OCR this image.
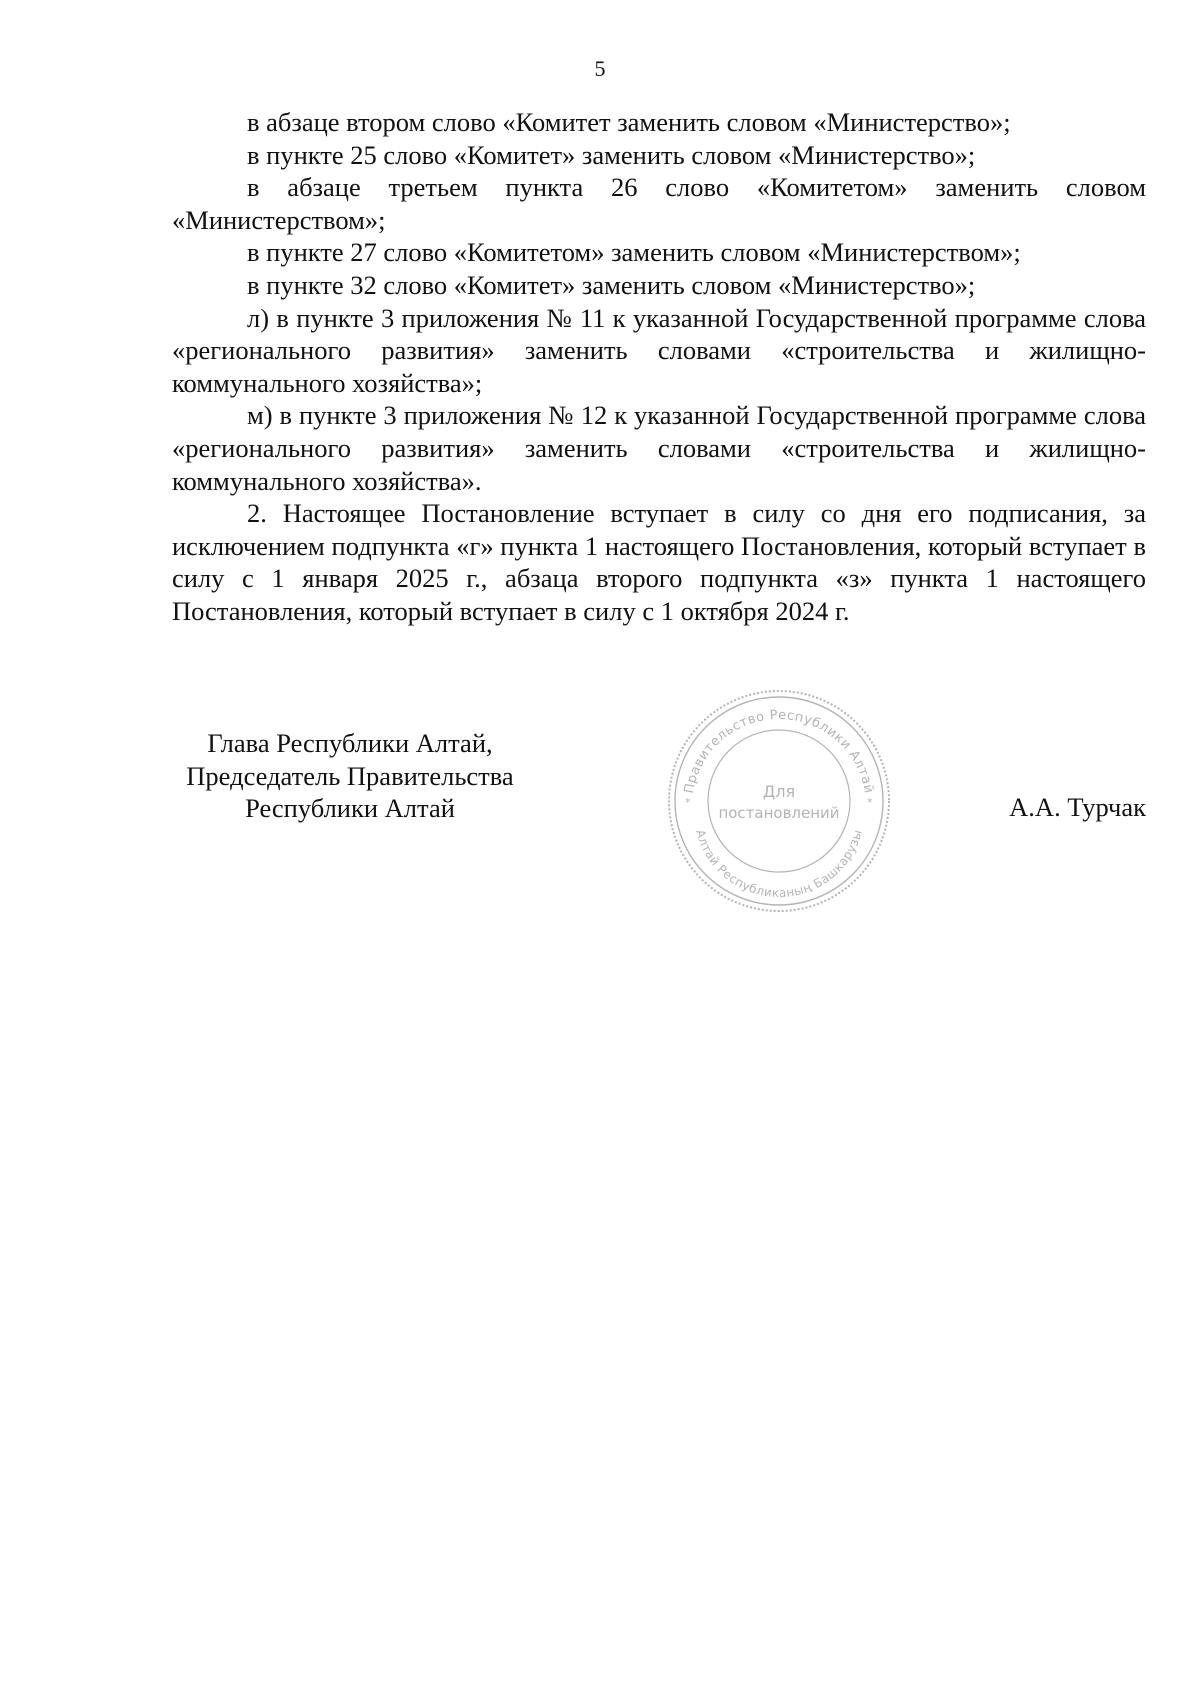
5

в абзаце втором слово «Комитет заменить словом «Министерство»;

в пункте 25 слово «Комитет» заменить словом «Министерство»;

в абзаце третьем пункта 26 слово «Комитетом» заменить словом «Министерством»;

в пункте 27 слово «Комитетом» заменить словом «Министерством»;

в пункте 32 слово «Комитет» заменить словом «Министерство»;

л) в пункте 3 приложения № 11 к указанной Государственной программе слова «регионального развития» заменить словами «строительства и жилищно-коммунального хозяйства»;

м) в пункте 3 приложения № 12 к указанной Государственной программе слова «регионального развития» заменить словами «строительства и жилищно-коммунального хозяйства».

2. Настоящее Постановление вступает в силу со дня его подписания, за исключением подпункта «г» пункта 1 настоящего Постановления, который вступает в силу с 1 января 2025 г., абзаца второго подпункта «з» пункта 1 настоящего Постановления, который вступает в силу с 1 октября 2024 г.

Глава Республики Алтай,
Председатель Правительства
Республики Алтай	А.А. Турчак
Правительство Республики Алтай
Алтай Республиканың Башкарузы
*	*
Для
постановлений
